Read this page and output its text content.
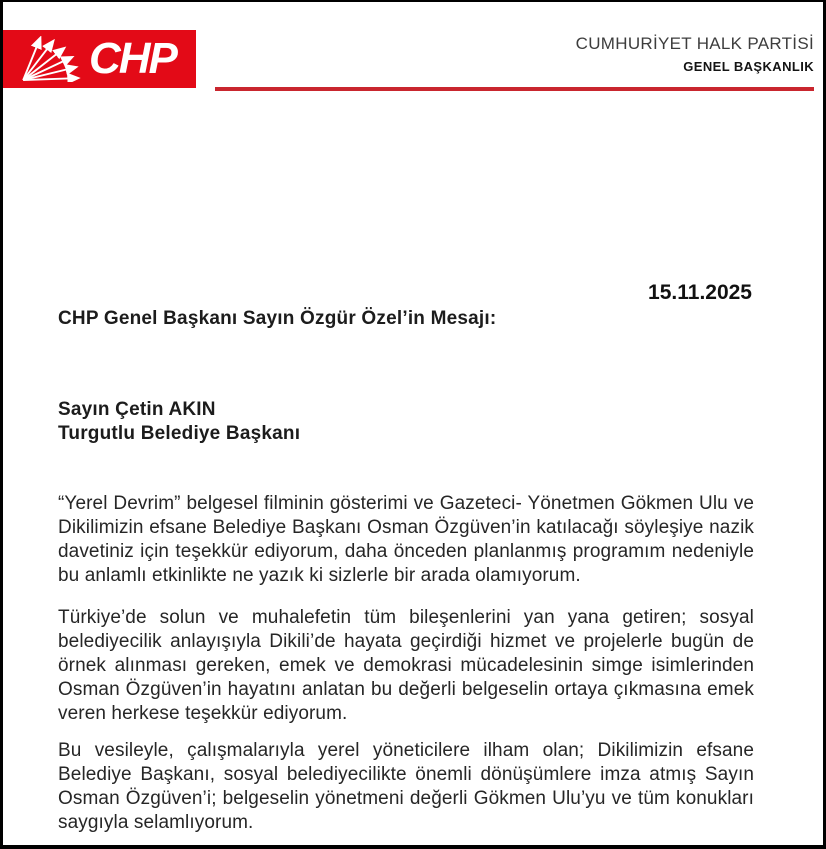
CHP	CUMHURİYET HALK PARTİSİ
GENEL BAŞKANLIK
15.11.2025
CHP Genel Başkanı Sayın Özgür Özel’in Mesajı:
Sayın Çetin AKIN
Turgutlu Belediye Başkanı

“Yerel Devrim” belgesel filminin gösterimi ve Gazeteci- Yönetmen Gökmen Ulu ve Dikilimizin efsane Belediye Başkanı Osman Özgüven’in katılacağı söyleşiye nazik davetiniz için teşekkür ediyorum, daha önceden planlanmış programım nedeniyle bu anlamlı etkinlikte ne yazık ki sizlerle bir arada olamıyorum.

Türkiye’de solun ve muhalefetin tüm bileşenlerini yan yana getiren; sosyal belediyecilik anlayışıyla Dikili’de hayata geçirdiği hizmet ve projelerle bugün de örnek alınması gereken, emek ve demokrasi mücadelesinin simge isimlerinden Osman Özgüven’in hayatını anlatan bu değerli belgeselin ortaya çıkmasına emek veren herkese teşekkür ediyorum.

Bu vesileyle, çalışmalarıyla yerel yöneticilere ilham olan; Dikilimizin efsane Belediye Başkanı, sosyal belediyecilikte önemli dönüşümlere imza atmış Sayın Osman Özgüven’i; belgeselin yönetmeni değerli Gökmen Ulu’yu ve tüm konukları saygıyla selamlıyorum.
